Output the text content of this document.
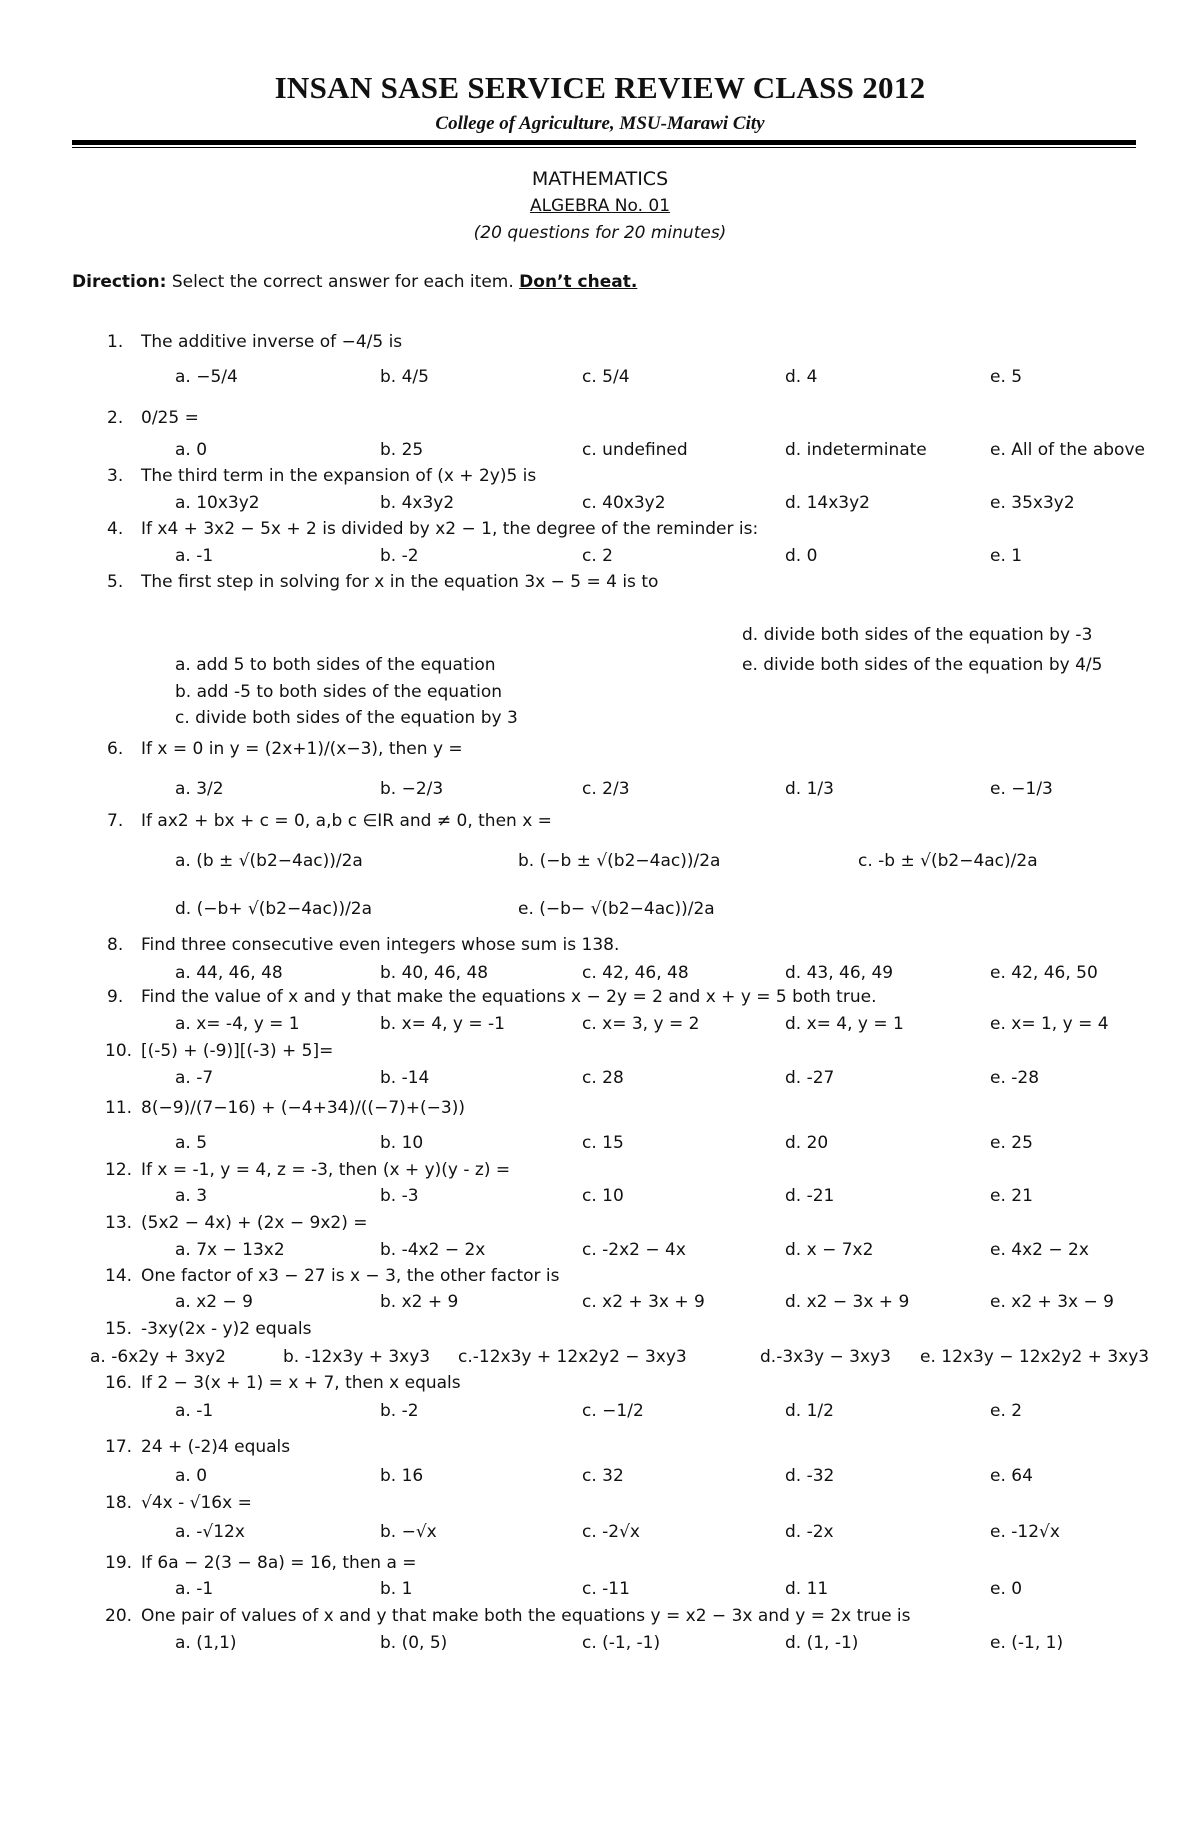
INSAN SASE SERVICE REVIEW CLASS 2012
College of Agriculture, MSU-Marawi City
MATHEMATICS
ALGEBRA No. 01
(20 questions for 20 minutes)
Direction: Select the correct answer for each item. Don’t cheat.
1. The additive inverse of −4/5 is
a. −5/4	b. 4/5	c. 5/4	d. 4	e. 5
2. 0/25 =
a. 0	b. 25	c. undefined	d. indeterminate	e. All of the above
3. The third term in the expansion of (x + 2y)5 is
a. 10x3y2	b. 4x3y2	c. 40x3y2	d. 14x3y2	e. 35x3y2
4. If x4 + 3x2 − 5x + 2 is divided by x2 − 1, the degree of the reminder is:
a. -1	b. -2	c. 2	d. 0	e. 1
5. The first step in solving for x in the equation 3x − 5 = 4 is to
a. add 5 to both sides of the equation
b. add -5 to both sides of the equation
c. divide both sides of the equation by 3
d. divide both sides of the equation by -3
e. divide both sides of the equation by 4/5
6. If x = 0 in y = (2x+1)/(x−3), then y =
a. 3/2	b. −2/3	c. 2/3	d. 1/3	e. −1/3
7. If ax2 + bx + c = 0, a,b c ∈IR and ≠ 0, then x =
a. (b ± √(b2−4ac))/2a	b. (−b ± √(b2−4ac))/2a	c. -b ± √(b2−4ac)/2a
d. (−b+ √(b2−4ac))/2a	e. (−b− √(b2−4ac))/2a
8. Find three consecutive even integers whose sum is 138.
a. 44, 46, 48	b. 40, 46, 48	c. 42, 46, 48	d. 43, 46, 49	e. 42, 46, 50
9. Find the value of x and y that make the equations x − 2y = 2 and x + y = 5 both true.
a. x= -4, y = 1	b. x= 4, y = -1	c. x= 3, y = 2	d. x= 4, y = 1	e. x= 1, y = 4
10. [(-5) + (-9)][(-3) + 5]=
a. -7	b. -14	c. 28	d. -27	e. -28
11. 8(−9)/(7−16) + (−4+34)/((−7)+(−3))
a. 5	b. 10	c. 15	d. 20	e. 25
12. If x = -1, y = 4, z = -3, then (x + y)(y - z) =
a. 3	b. -3	c. 10	d. -21	e. 21
13. (5x2 − 4x) + (2x − 9x2) =
a. 7x − 13x2	b. -4x2 − 2x	c. -2x2 − 4x	d. x − 7x2	e. 4x2 − 2x
14. One factor of x3 − 27 is x − 3, the other factor is
a. x2 − 9	b. x2 + 9	c. x2 + 3x + 9	d. x2 − 3x + 9	e. x2 + 3x − 9
15. -3xy(2x - y)2 equals
a. -6x2y + 3xy2	b. -12x3y + 3xy3 c.-12x3y + 12x2y2 − 3xy3	d.-3x3y − 3xy3 e. 12x3y − 12x2y2 + 3xy3
16. If 2 − 3(x + 1) = x + 7, then x equals
a. -1	b. -2	c. −1/2	d. 1/2	e. 2
17. 24 + (-2)4 equals
a. 0	b. 16	c. 32	d. -32	e. 64
18. √4x - √16x =
a. -√12x	b. −√x	c. -2√x	d. -2x	e. -12√x
19. If 6a − 2(3 − 8a) = 16, then a =
a. -1	b. 1	c. -11	d. 11	e. 0
20. One pair of values of x and y that make both the equations y = x2 − 3x and y = 2x true is
a. (1,1)	b. (0, 5)	c. (-1, -1)	d. (1, -1)	e. (-1, 1)
